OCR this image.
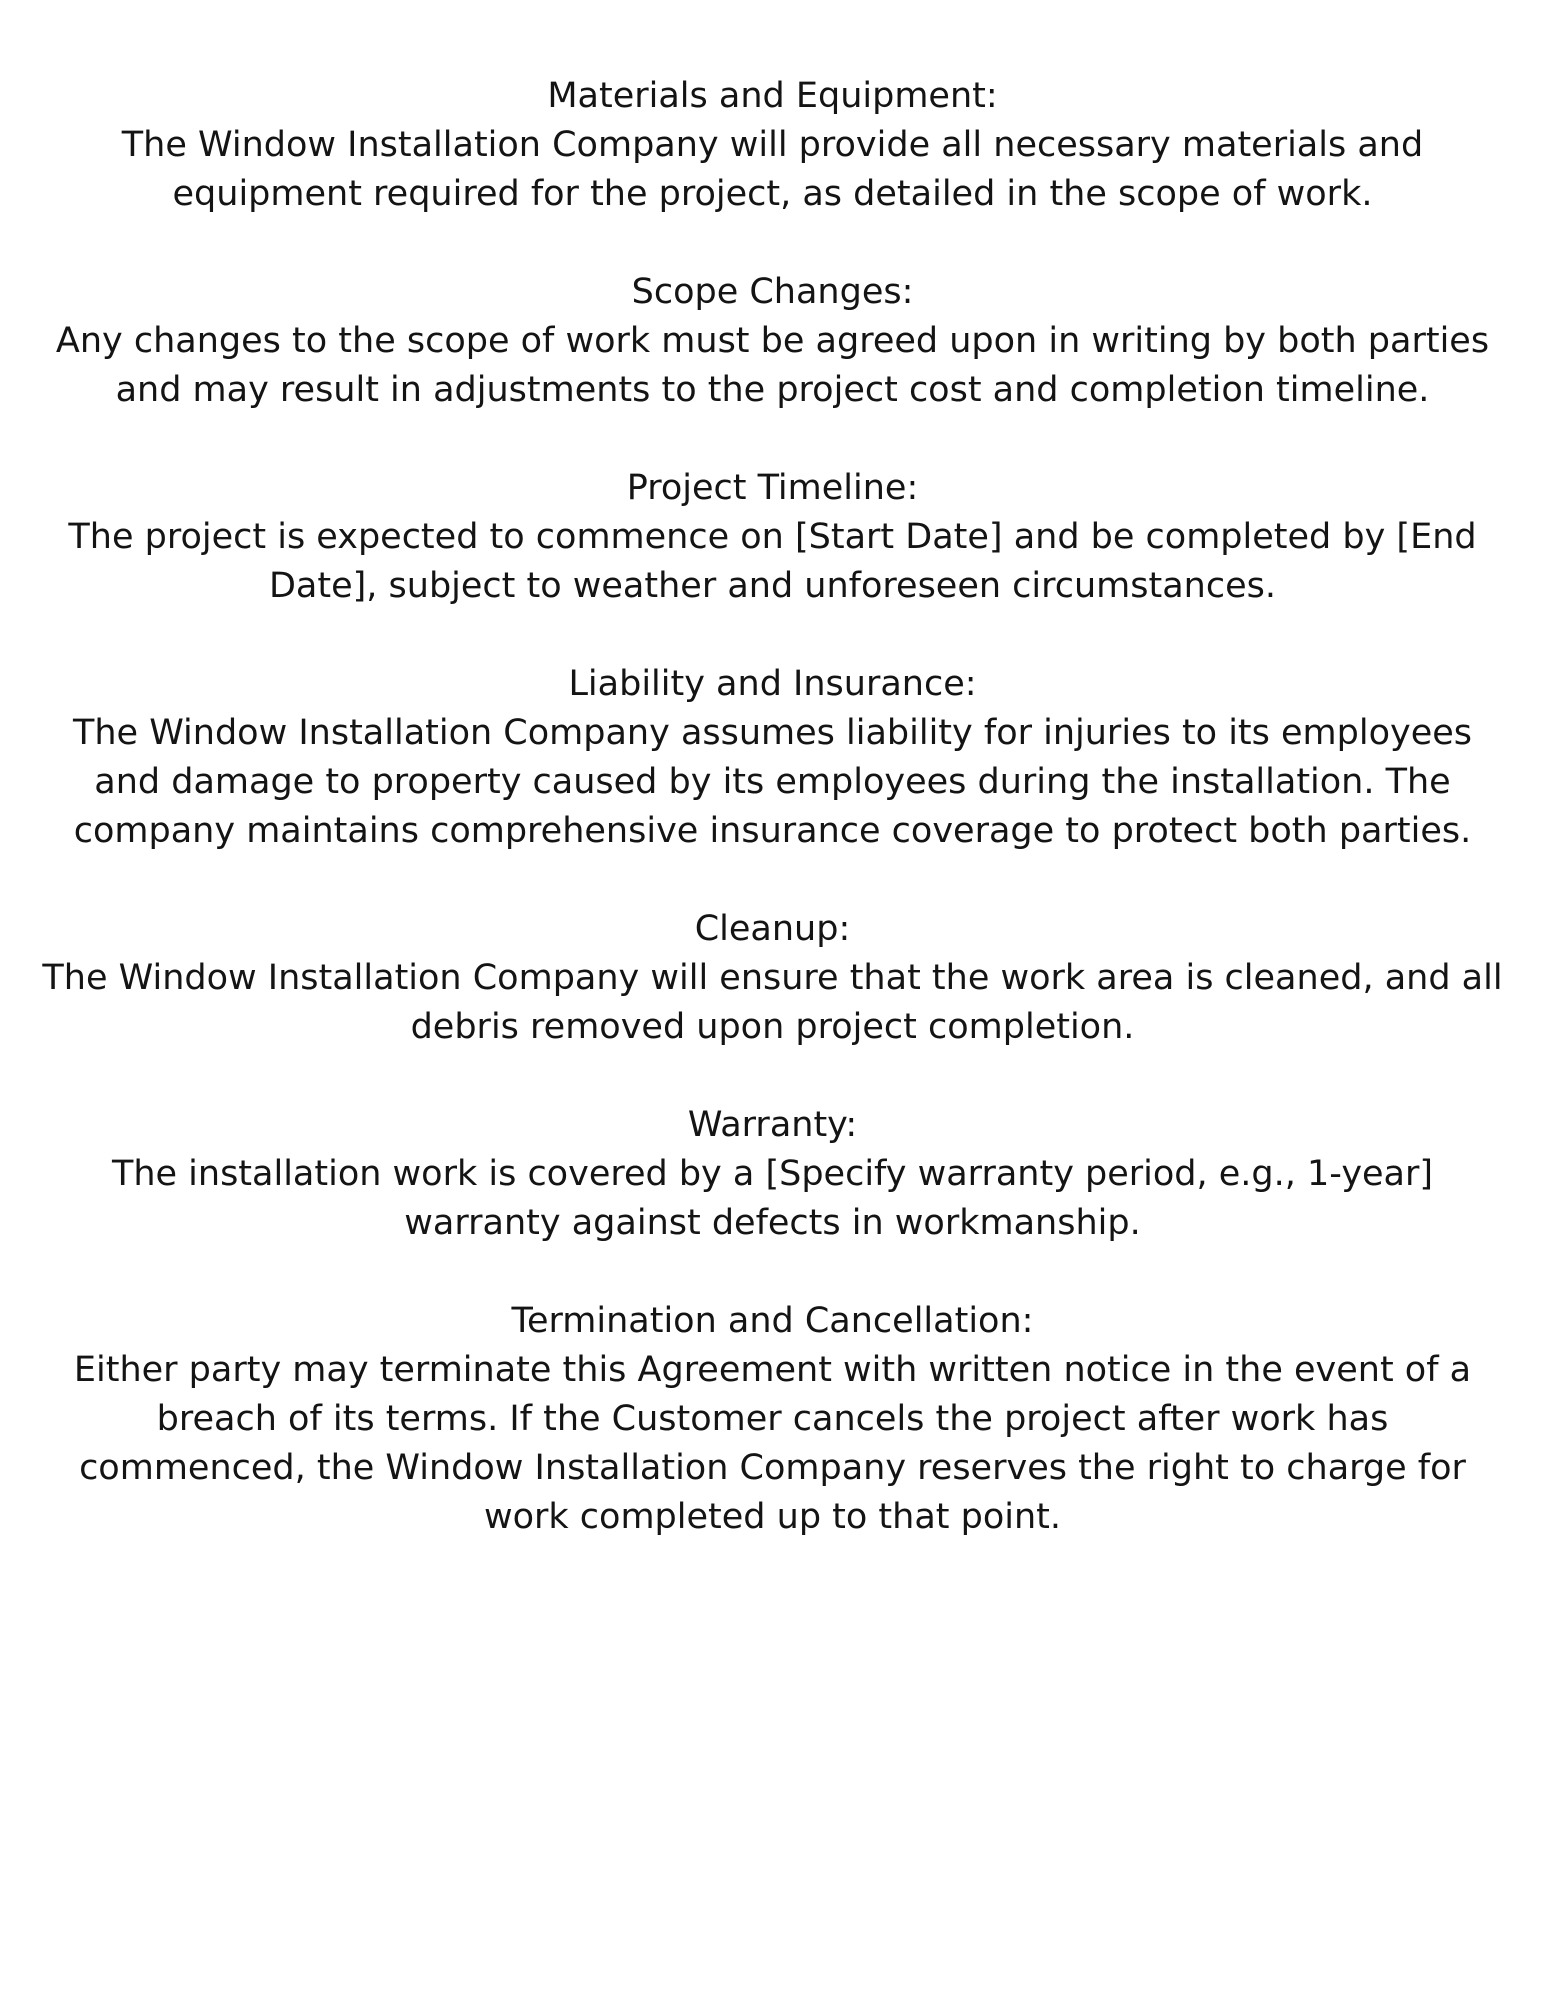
Materials and Equipment:

The Window Installation Company will provide all necessary materials and equipment required for the project, as detailed in the scope of work.

Scope Changes:

Any changes to the scope of work must be agreed upon in writing by both parties and may result in adjustments to the project cost and completion timeline.

Project Timeline:

The project is expected to commence on [Start Date] and be completed by [End Date], subject to weather and unforeseen circumstances.

Liability and Insurance:

The Window Installation Company assumes liability for injuries to its employees and damage to property caused by its employees during the installation. The company maintains comprehensive insurance coverage to protect both parties.

Cleanup:

The Window Installation Company will ensure that the work area is cleaned, and all debris removed upon project completion.

Warranty:

The installation work is covered by a [Specify warranty period, e.g., 1-year] warranty against defects in workmanship.

Termination and Cancellation:

Either party may terminate this Agreement with written notice in the event of a breach of its terms. If the Customer cancels the project after work has commenced, the Window Installation Company reserves the right to charge for work completed up to that point.
